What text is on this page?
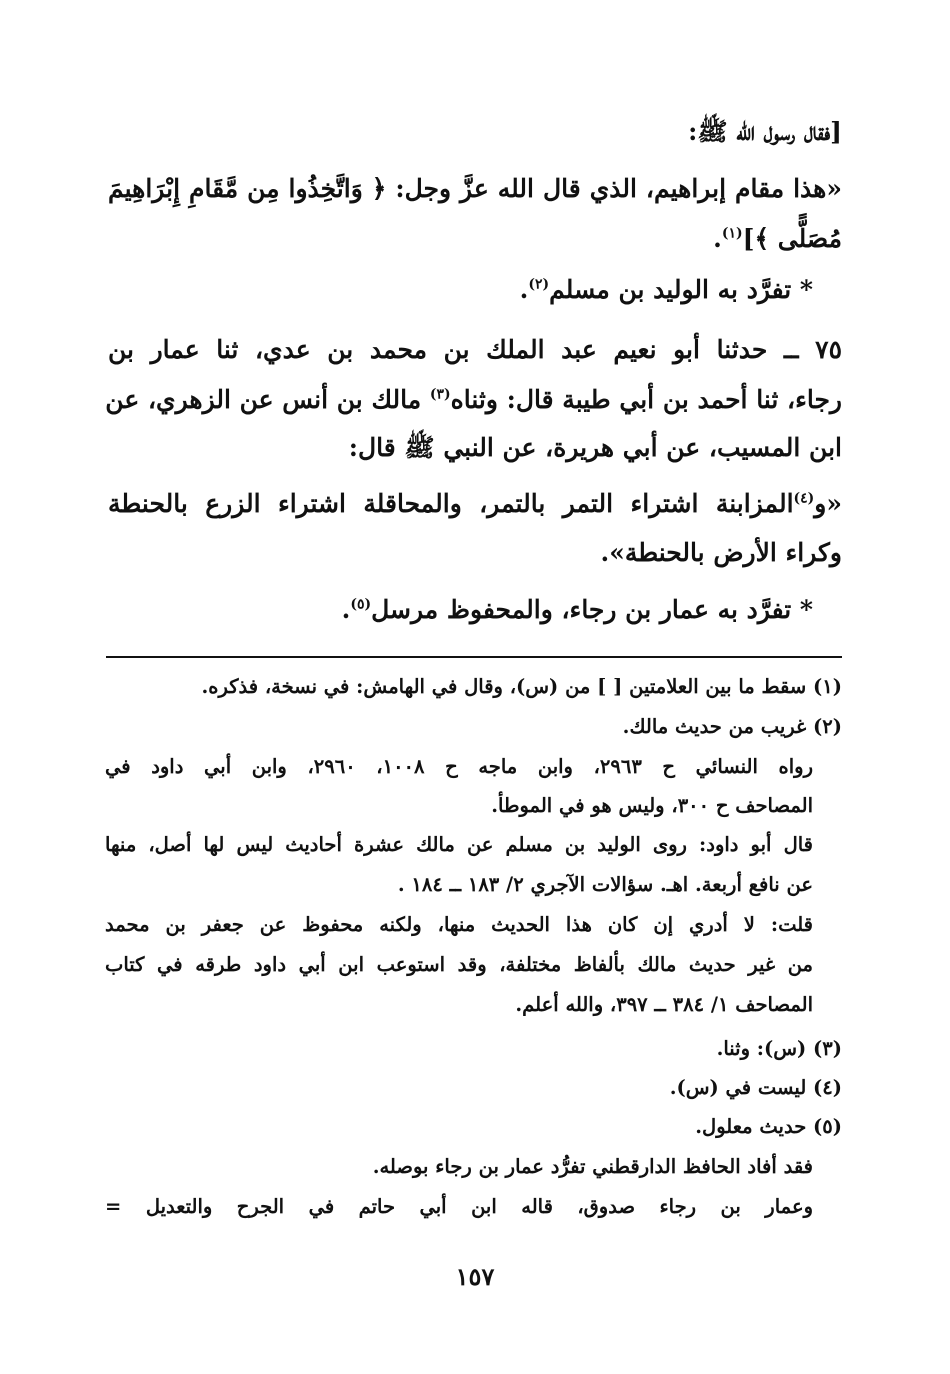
[فقال رسول الله ﷺ:
«هذا مقام إبراهيم، الذي قال الله عزَّ وجل: ﴿ وَاتَّخِذُوا مِن مَّقَامِ إِبْرَاهِيمَ
مُصَلًّى ﴾]$^{(١)}$.
* تفرَّد به الوليد بن مسلم$^{(٢)}$.
٧٥ ــ حدثنا أبو نعيم عبد الملك بن محمد بن عدي، ثنا عمار بن
رجاء، ثنا أحمد بن أبي طيبة قال: وثناه$^{(٣)}$ مالك بن أنس عن الزهري، عن
ابن المسيب، عن أبي هريرة، عن النبي ﷺ قال:
«و$^{(٤)}$المزابنة اشتراء التمر بالتمر، والمحاقلة اشتراء الزرع بالحنطة
وكراء الأرض بالحنطة».
* تفرَّد به عمار بن رجاء، والمحفوظ مرسل$^{(٥)}$.
(١) سقط ما بين العلامتين [ ] من (س)، وقال في الهامش: في نسخة، فذكره.
(٢) غريب من حديث مالك.
رواه النسائي ح ٢٩٦٣، وابن ماجه ح ١٠٠٨، ٢٩٦٠، وابن أبي داود في
المصاحف ح ٣٠٠، وليس هو في الموطأ.
قال أبو داود: روى الوليد بن مسلم عن مالك عشرة أحاديث ليس لها أصل، منها
عن نافع أربعة. اهـ. سؤالات الآجري ٢/ ١٨٣ ــ ١٨٤ .
قلت: لا أدري إن كان هذا الحديث منها، ولكنه محفوظ عن جعفر بن محمد
من غير حديث مالك بألفاظ مختلفة، وقد استوعب ابن أبي داود طرقه في كتاب
المصاحف ١/ ٣٨٤ ــ ٣٩٧، والله أعلم.
(٣) (س): وثنا.
(٤) ليست في (س).
(٥) حديث معلول.
فقد أفاد الحافظ الدارقطني تفرُّد عمار بن رجاء بوصله.
وعمار بن رجاء صدوق، قاله ابن أبي حاتم في الجرح والتعديل =
١٥٧
